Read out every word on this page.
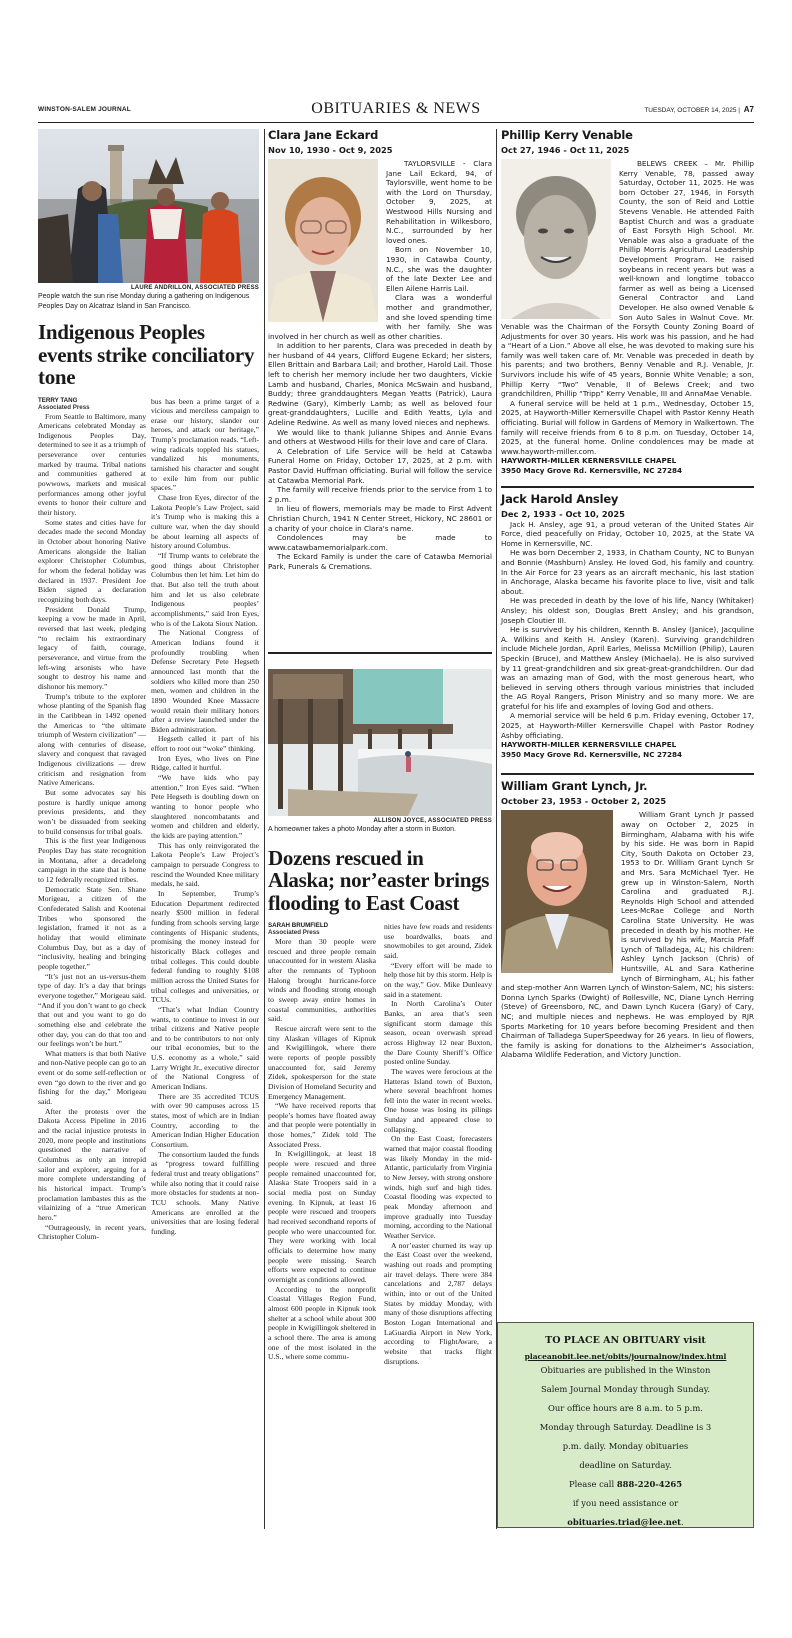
WINSTON-SALEM JOURNAL	OBITUARIES & NEWS	TUESDAY, OCTOBER 14, 2025 | A7
LAURE ANDRILLON, ASSOCIATED PRESS
People watch the sun rise Monday during a gathering on Indigenous Peoples Day on Alcatraz Island in San Francisco.
Indigenous Peoples events strike conciliatory tone
TERRY TANG
Associated Press

From Seattle to Baltimore, many Americans celebrated Monday as Indigenous Peoples Day, determined to see it as a triumph of perseverance over centuries marked by trauma. Tribal nations and communities gathered at powwows, markets and musical performances among other joyful events to honor their culture and their history.

Some states and cities have for decades made the second Monday in October about honoring Native Americans alongside the Italian explorer Christopher Columbus, for whom the federal holiday was declared in 1937. President Joe Biden signed a declaration recognizing both days.

President Donald Trump, keeping a vow he made in April, reversed that last week, pledging “to reclaim his extraordinary legacy of faith, courage, perseverance, and virtue from the left-wing arsonists who have sought to destroy his name and dishonor his memory.”

Trump’s tribute to the explorer whose planting of the Spanish flag in the Caribbean in 1492 opened the Americas to “the ultimate triumph of Western civilization” — along with centuries of disease, slavery and conquest that ravaged Indigenous civilizations — drew criticism and resignation from Native Americans.

But some advocates say his posture is hardly unique among previous presidents, and they won’t be dissuaded from seeking to build consensus for tribal goals.

This is the first year Indigenous Peoples Day has state recognition in Montana, after a decadelong campaign in the state that is home to 12 federally recognized tribes.

Democratic State Sen. Shane Morigeau, a citizen of the Confederated Salish and Kootenai Tribes who sponsored the legislation, framed it not as a holiday that would eliminate Columbus Day, but as a day of “inclusivity, healing and bringing people together.”

“It’s just not an us-versus-them type of day. It’s a day that brings everyone together,” Morigeau said. “And if you don’t want to go check that out and you want to go do something else and celebrate the other day, you can do that too and our feelings won’t be hurt.”

What matters is that both Native and non-Native people can go to an event or do some self-reflection or even “go down to the river and go fishing for the day,” Morigeau said.

After the protests over the Dakota Access Pipeline in 2016 and the racial injustice protests in 2020, more people and institutions questioned the narrative of Columbus as only an intrepid sailor and explorer, arguing for a more complete understanding of his historical impact. Trump’s proclamation lambastes this as the vilainizing of a “true American hero.”

“Outrageously, in recent years, Christopher Colum-

bus has been a prime target of a vicious and merciless campaign to erase our history, slander our heroes, and attack our heritage,” Trump’s proclamation reads. “Left-wing radicals toppled his statues, vandalized his monuments, tarnished his character and sought to exile him from our public spaces.”

Chase Iron Eyes, director of the Lakota People’s Law Project, said it’s Trump who is making this a culture war, when the day should be about learning all aspects of history around Columbus.

“If Trump wants to celebrate the good things about Christopher Columbus then let him. Let him do that. But also tell the truth about him and let us also celebrate Indigenous peoples’ accomplishments,” said Iron Eyes, who is of the Lakota Sioux Nation.

The National Congress of American Indians found it profoundly troubling when Defense Secretary Pete Hegseth announced last month that the soldiers who killed more than 250 men, women and children in the 1890 Wounded Knee Massacre would retain their military honors after a review launched under the Biden administration.

Hegseth called it part of his effort to root out “woke” thinking.

Iron Eyes, who lives on Pine Ridge, called it hurtful.

“We have kids who pay attention,” Iron Eyes said. “When Pete Hegseth is doubling down on wanting to honor people who slaughtered noncombatants and women and children and elderly, the kids are paying attention.”

This has only reinvigorated the Lakota People’s Law Project’s campaign to persuade Congress to rescind the Wounded Knee military medals, he said.

In September, Trump’s Education Department redirected nearly $500 million in federal funding from schools serving large contingents of Hispanic students, promising the money instead for historically Black colleges and tribal colleges. This could double federal funding to roughly $108 million across the United States for tribal colleges and universities, or TCUs.

“That’s what Indian Country wants, to continue to invest in our tribal citizens and Native people and to be contributors to not only our tribal economies, but to the U.S. economy as a whole,” said Larry Wright Jr., executive director of the National Congress of American Indians.

There are 35 accredited TCUS with over 90 campuses across 15 states, most of which are in Indian Country, according to the American Indian Higher Education Consortium.

The consortium lauded the funds as “progress toward fulfilling federal trust and treaty obligations” while also noting that it could raise more obstacles for students at non-TCU schools. Many Native Americans are enrolled at the universities that are losing federal funding.

Clara Jane Eckard
Nov 10, 1930 - Oct 9, 2025

TAYLORSVILLE - Clara Jane Lail Eckard, 94, of Taylorsville, went home to be with the Lord on Thursday, October 9, 2025, at Westwood Hills Nursing and Rehabilitation in Wilkesboro, N.C., surrounded by her loved ones.

Born on November 10, 1930, in Catawba County, N.C., she was the daughter of the late Dexter Lee and Ellen Ailene Harris Lail.

Clara was a wonderful mother and grandmother, and she loved spending time with her family. She was involved in her church as well as other charities.

In addition to her parents, Clara was preceded in death by her husband of 44 years, Clifford Eugene Eckard; her sisters, Ellen Brittain and Barbara Lail; and brother, Harold Lail. Those left to cherish her memory include her two daughters, Vickie Lamb and husband, Charles, Monica McSwain and husband, Buddy; three granddaughters Megan Yeatts (Patrick), Laura Redwine (Gary), Kimberly Lamb; as well as beloved four great-granddaughters, Lucille and Edith Yeatts, Lyla and Adeline Redwine. As well as many loved nieces and nephews.

We would like to thank Julianne Shipes and Annie Evans and others at Westwood Hills for their love and care of Clara.

A Celebration of Life Service will be held at Catawba Funeral Home on Friday, October 17, 2025, at 2 p.m. with Pastor David Huffman officiating. Burial will follow the service at Catawba Memorial Park.

The family will receive friends prior to the service from 1 to 2 p.m.

In lieu of flowers, memorials may be made to First Advent Christian Church, 1941 N Center Street, Hickory, NC 28601 or a charity of your choice in Clara's name.

Condolences may be made to www.catawbamemorialpark.com.

The Eckard Family is under the care of Catawba Memorial Park, Funerals & Cremations.

ALLISON JOYCE, ASSOCIATED PRESS
A homeowner takes a photo Monday after a storm in Buxton.
Dozens rescued in Alaska; nor’easter brings flooding to East Coast
SARAH BRUMFIELD
Associated Press

More than 30 people were rescued and three people remain unaccounted for in western Alaska after the remnants of Typhoon Halong brought hurricane-force winds and flooding strong enough to sweep away entire homes in coastal communities, authorities said.

Rescue aircraft were sent to the tiny Alaskan villages of Kipnuk and Kwigillingok, where there were reports of people possibly unaccounted for, said Jeremy Zidek, spokesperson for the state Division of Homeland Security and Emergency Management.

“We have received reports that people’s homes have floated away and that people were potentially in those homes,” Zidek told The Associated Press.

In Kwigillingok, at least 18 people were rescued and three people remained unaccounted for, Alaska State Troopers said in a social media post on Sunday evening. In Kipnuk, at least 16 people were rescued and troopers had received secondhand reports of people who were unaccounted for. They were working with local officials to determine how many people were missing. Search efforts were expected to continue overnight as conditions allowed.

According to the nonprofit Coastal Villages Region Fund, almost 600 people in Kipnuk took shelter at a school while about 300 people in Kwigillingok sheltered in a school there. The area is among one of the most isolated in the U.S., where some commu-

nities have few roads and residents use boardwalks, boats and snowmobiles to get around, Zidek said.

“Every effort will be made to help those hit by this storm. Help is on the way,” Gov. Mike Dunleavy said in a statement.

In North Carolina’s Outer Banks, an area that’s seen significant storm damage this season, ocean overwash spread across Highway 12 near Buxton, the Dare County Sheriff’s Office posted online Sunday.

The waves were ferocious at the Hatteras Island town of Buxton, where several beachfront homes fell into the water in recent weeks. One house was losing its pilings Sunday and appeared close to collapsing.

On the East Coast, forecasters warned that major coastal flooding was likely Monday in the mid-Atlantic, particularly from Virginia to New Jersey, with strong onshore winds, high surf and high tides. Coastal flooding was expected to peak Monday afternoon and improve gradually into Tuesday morning, according to the National Weather Service.

A nor’easter churned its way up the East Coast over the weekend, washing out roads and prompting air travel delays. There were 384 cancelations and 2,787 delays within, into or out of the United States by midday Monday, with many of those disruptions affecting Boston Logan International and LaGuardia Airport in New York, according to FlightAware, a website that tracks flight disruptions.

Phillip Kerry Venable
Oct 27, 1946 - Oct 11, 2025

BELEWS CREEK – Mr. Phillip Kerry Venable, 78, passed away Saturday, October 11, 2025. He was born October 27, 1946, in Forsyth County, the son of Reid and Lottie Stevens Venable. He attended Faith Baptist Church and was a graduate of East Forsyth High School. Mr. Venable was also a graduate of the Phillip Morris Agricultural Leadership Development Program. He raised soybeans in recent years but was a well-known and longtime tobacco farmer as well as being a Licensed General Contractor and Land Developer. He also owned Venable & Son Auto Sales in Walnut Cove. Mr. Venable was the Chairman of the Forsyth County Zoning Board of Adjustments for over 30 years. His work was his passion, and he had a “Heart of a Lion.” Above all else, he was devoted to making sure his family was well taken care of. Mr. Venable was preceded in death by his parents; and two brothers, Benny Venable and R.J. Venable, Jr. Survivors include his wife of 45 years, Bonnie White Venable; a son, Phillip Kerry “Two” Venable, II of Belews Creek; and two grandchildren, Phillip “Tripp” Kerry Venable, III and AnnaMae Venable.

A funeral service will be held at 1 p.m., Wednesday, October 15, 2025, at Hayworth-Miller Kernersville Chapel with Pastor Kenny Heath officiating. Burial will follow in Gardens of Memory in Walkertown. The family will receive friends from 6 to 8 p.m. on Tuesday, October 14, 2025, at the funeral home. Online condolences may be made at www.hayworth-miller.com.

HAYWORTH-MILLER KERNERSVILLE CHAPEL
3950 Macy Grove Rd. Kernersville, NC 27284
Jack Harold Ansley
Dec 2, 1933 - Oct 10, 2025

Jack H. Ansley, age 91, a proud veteran of the United States Air Force, died peacefully on Friday, October 10, 2025, at the State VA Home in Kernersville, NC.

He was born December 2, 1933, in Chatham County, NC to Bunyan and Bonnie (Mashburn) Ansley. He loved God, his family and country. In the Air Force for 23 years as an aircraft mechanic, his last station in Anchorage, Alaska became his favorite place to live, visit and talk about.

He was preceded in death by the love of his life, Nancy (Whitaker) Ansley; his oldest son, Douglas Brett Ansley; and his grandson, Joseph Cloutier III.

He is survived by his children, Kennth B. Ansley (Janice), Jacquline A. Wilkins and Keith H. Ansley (Karen). Surviving grandchildren include Michele Jordan, April Earles, Melissa McMillion (Philip), Lauren Speckin (Bruce), and Matthew Ansley (Michaela). He is also survived by 11 great-grandchildren and six great-great-grandchildren. Our dad was an amazing man of God, with the most generous heart, who believed in serving others through various ministries that included the AG Royal Rangers, Prison Ministry and so many more. We are grateful for his life and examples of loving God and others.

A memorial service will be held 6 p.m. Friday evening, October 17, 2025, at Hayworth-Miller Kernersville Chapel with Pastor Rodney Ashby officiating.

HAYWORTH-MILLER KERNERSVILLE CHAPEL
3950 Macy Grove Rd. Kernersville, NC 27284
William Grant Lynch, Jr.
October 23, 1953 - October 2, 2025

William Grant Lynch Jr passed away on October 2, 2025 in Birmingham, Alabama with his wife by his side. He was born in Rapid City, South Dakota on October 23, 1953 to Dr. William Grant Lynch Sr and Mrs. Sara McMichael Tyer. He grew up in Winston-Salem, North Carolina and graduated R.J. Reynolds High School and attended Lees-McRae College and North Carolina State University. He was preceded in death by his mother. He is survived by his wife, Marcia Pfaff Lynch of Talladega, AL; his children: Ashley Lynch Jackson (Chris) of Huntsville, AL and Sara Katherine Lynch of Birmingham, AL; his father and step-mother Ann Warren Lynch of Winston-Salem, NC; his sisters: Donna Lynch Sparks (Dwight) of Rollesville, NC, Diane Lynch Herring (Steve) of Greensboro, NC, and Dawn Lynch Kucera (Gary) of Cary, NC; and multiple nieces and nephews. He was employed by RJR Sports Marketing for 10 years before becoming President and then Chairman of Talladega SuperSpeedway for 26 years. In lieu of flowers, the family is asking for donations to the Alzheimer's Association, Alabama Wildlife Federation, and Victory Junction.

TO PLACE AN OBITUARY visit
placeanobit.lee.net/obits/journalnow/index.html
Obituaries are published in the Winston
Salem Journal Monday through Sunday.
Our office hours are 8 a.m. to 5 p.m.
Monday through Saturday. Deadline is 3
p.m. daily. Monday obituaries
deadline on Saturday.
Please call 888-220-4265
if you need assistance or
obituaries.triad@lee.net.
